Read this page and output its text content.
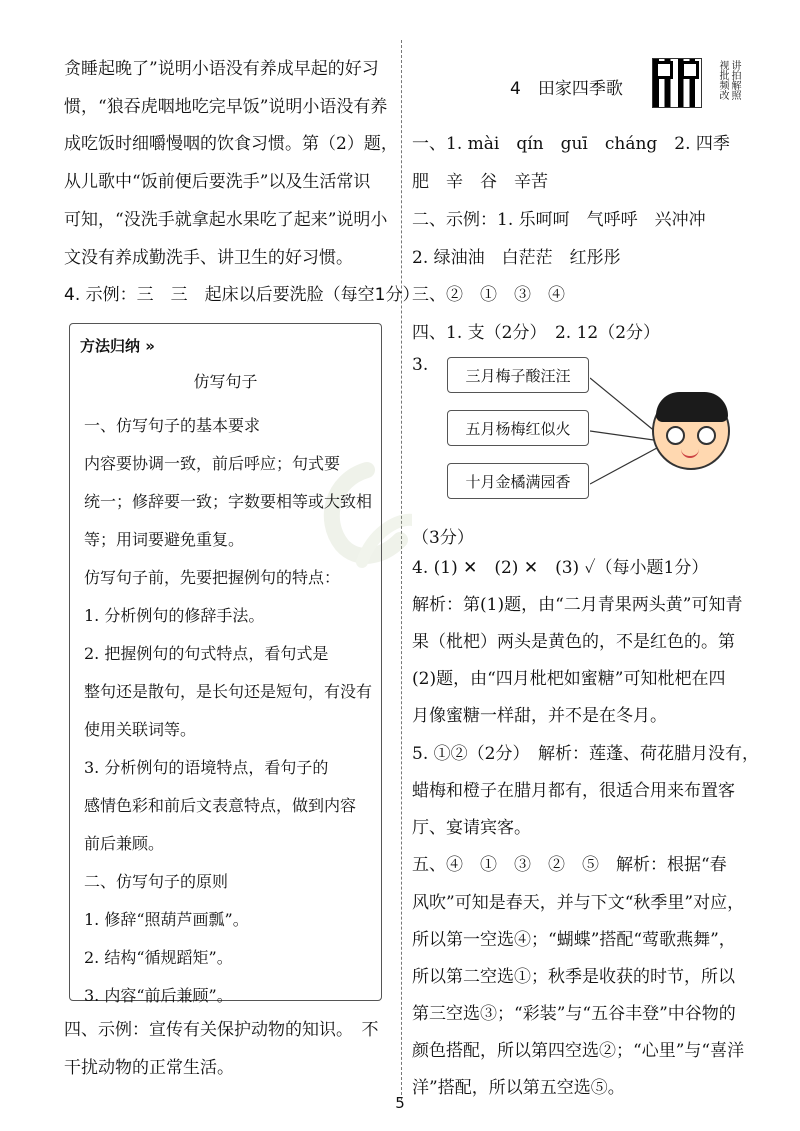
贪睡起晚了”说明小语没有养成早起的好习
惯，“狼吞虎咽地吃完早饭”说明小语没有养
成吃饭时细嚼慢咽的饮食习惯。第（2）题，
从儿歌中“饭前便后要洗手”以及生活常识
可知，“没洗手就拿起水果吃了起来”说明小
文没有养成勤洗手、讲卫生的好习惯。
4. 示例：三　三　起床以后要洗脸（每空1分）
方法归纳 »
仿写句子
一、仿写句子的基本要求
内容要协调一致，前后呼应；句式要
统一；修辞要一致；字数要相等或大致相
等；用词要避免重复。
仿写句子前，先要把握例句的特点：
1. 分析例句的修辞手法。
2. 把握例句的句式特点，看句式是
整句还是散句，是长句还是短句，有没有
使用关联词等。
3. 分析例句的语境特点，看句子的
感情色彩和前后文表意特点，做到内容
前后兼顾。
二、仿写句子的原则
1. 修辞“照葫芦画瓢”。
2. 结构“循规蹈矩”。
3. 内容“前后兼顾”。
四、示例：宣传有关保护动物的知识。　不
干扰动物的正常生活。
4　田家四季歌	讲拍解照视批频改
一、1. mài　qín　guī　cháng　2. 四季
肥　辛　谷　辛苦
二、示例：1. 乐呵呵　气呼呼　兴冲冲
2. 绿油油　白茫茫　红彤彤
三、②　①　③　④
四、1. 支（2分）　2. 12（2分）
3.
三月梅子酸汪汪
五月杨梅红似火
十月金橘满园香
（3分）
4. (1) ✕　(2) ✕　(3) ✓（每小题1分）
解析：第(1)题，由“二月青果两头黄”可知青
果（枇杷）两头是黄色的，不是红色的。第
(2)题，由“四月枇杷如蜜糖”可知枇杷在四
月像蜜糖一样甜，并不是在冬月。
5. ①②（2分）　解析：莲蓬、荷花腊月没有，
蜡梅和橙子在腊月都有，很适合用来布置客
厅、宴请宾客。
五、④　①　③　②　⑤　解析：根据“春
风吹”可知是春天，并与下文“秋季里”对应，
所以第一空选④；“蝴蝶”搭配“莺歌燕舞”，
所以第二空选①；秋季是收获的时节，所以
第三空选③；“彩装”与“五谷丰登”中谷物的
颜色搭配，所以第四空选②；“心里”与“喜洋
洋”搭配，所以第五空选⑤。
5
